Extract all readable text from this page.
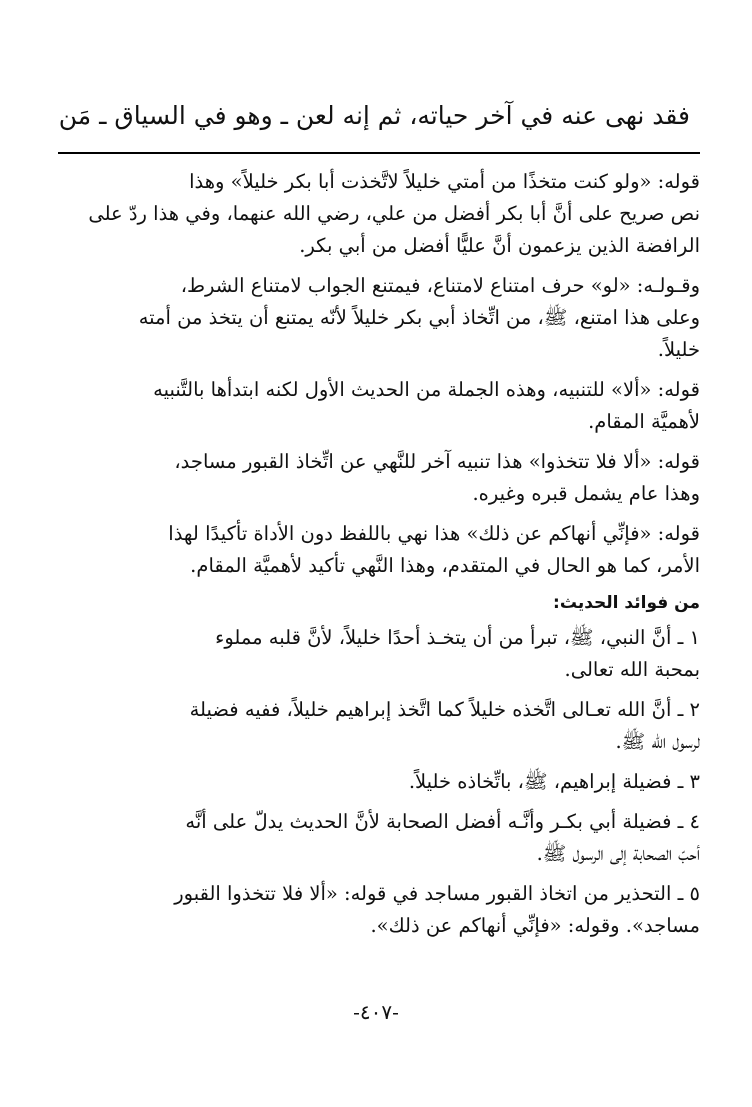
فقد نهى عنه في آخر حياته، ثم إنه لعن ـ وهو في السياق ـ مَن

قوله: «ولو كنت متخذًا من أمتي خليلاً لاتَّخذت أبا بكر خليلاً» وهذا
نص صريح على أنَّ أبا بكر أفضل من علي، رضي الله عنهما، وفي هذا ردّ على
الرافضة الذين يزعمون أنَّ عليًّا أفضل من أبي بكر.

وقـولـه: «لو» حرف امتناع لامتناع، فيمتنع الجواب لامتناع الشرط،
وعلى هذا امتنع، ﷺ، من اتِّخاذ أبي بكر خليلاً لأنّه يمتنع أن يتخذ من أمته
خليلاً.

قوله: «ألا» للتنبيه، وهذه الجملة من الحديث الأول لكنه ابتدأها بالتَّنبيه
لأهميَّة المقام.

قوله: «ألا فلا تتخذوا» هذا تنبيه آخر للنَّهي عن اتِّخاذ القبور مساجد،
وهذا عام يشمل قبره وغيره.

قوله: «فإنِّي أنهاكم عن ذلك» هذا نهي باللفظ دون الأداة تأكيدًا لهذا
الأمر، كما هو الحال في المتقدم، وهذا النَّهي تأكيد لأهميَّة المقام.

من فوائد الحديث:

١ ـ أنَّ النبي، ﷺ، تبرأ من أن يتخـذ أحدًا خليلاً، لأنَّ قلبه مملوء
بمحبة الله تعالى.

٢ ـ أنَّ الله تعـالى اتَّخذه خليلاً كما اتَّخذ إبراهيم خليلاً، ففيه فضيلة
لرسول الله ﷺ.

٣ ـ فضيلة إبراهيم، ﷺ، باتِّخاذه خليلاً.

٤ ـ فضيلة أبي بكـر وأنَّـه أفضل الصحابة لأنَّ الحديث يدلّ على أنَّه
أحبّ الصحابة إلى الرسول ﷺ.

٥ ـ التحذير من اتخاذ القبور مساجد في قوله: «ألا فلا تتخذوا القبور
مساجد». وقوله: «فإنِّي أنهاكم عن ذلك».

-٤٠٧-
